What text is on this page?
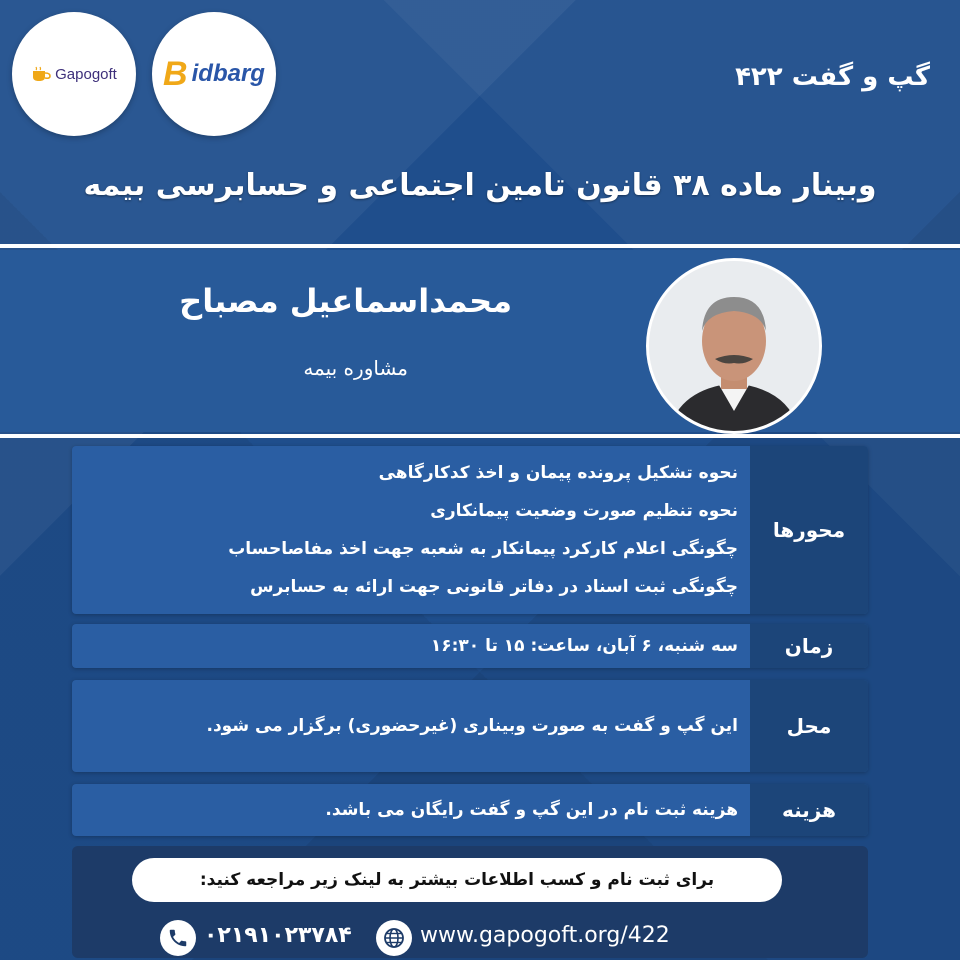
Gapogoft B idbarg	گپ و گفت ۴۲۲
وبینار ماده ۳۸ قانون تامین اجتماعی و حسابرسی بیمه
محمداسماعیل مصباح
مشاوره بیمه
محورها
نحوه تشکیل پرونده پیمان و اخذ کدکارگاهی
نحوه تنظیم صورت وضعیت پیمانکاری
چگونگی اعلام کارکرد پیمانکار به شعبه جهت اخذ مفاصاحساب
چگونگی ثبت اسناد در دفاتر قانونی جهت ارائه به حسابرس
زمان
سه شنبه، ۶ آبان، ساعت: ۱۵ تا ۱۶:۳۰
محل
این گپ و گفت به صورت وبیناری (غیرحضوری) برگزار می شود.
هزینه
هزینه ثبت نام در این گپ و گفت رایگان می باشد.
برای ثبت نام و کسب اطلاعات بیشتر به لینک زیر مراجعه کنید:
۰۲۱۹۱۰۲۳۷۸۴	www.gapogoft.org/422
